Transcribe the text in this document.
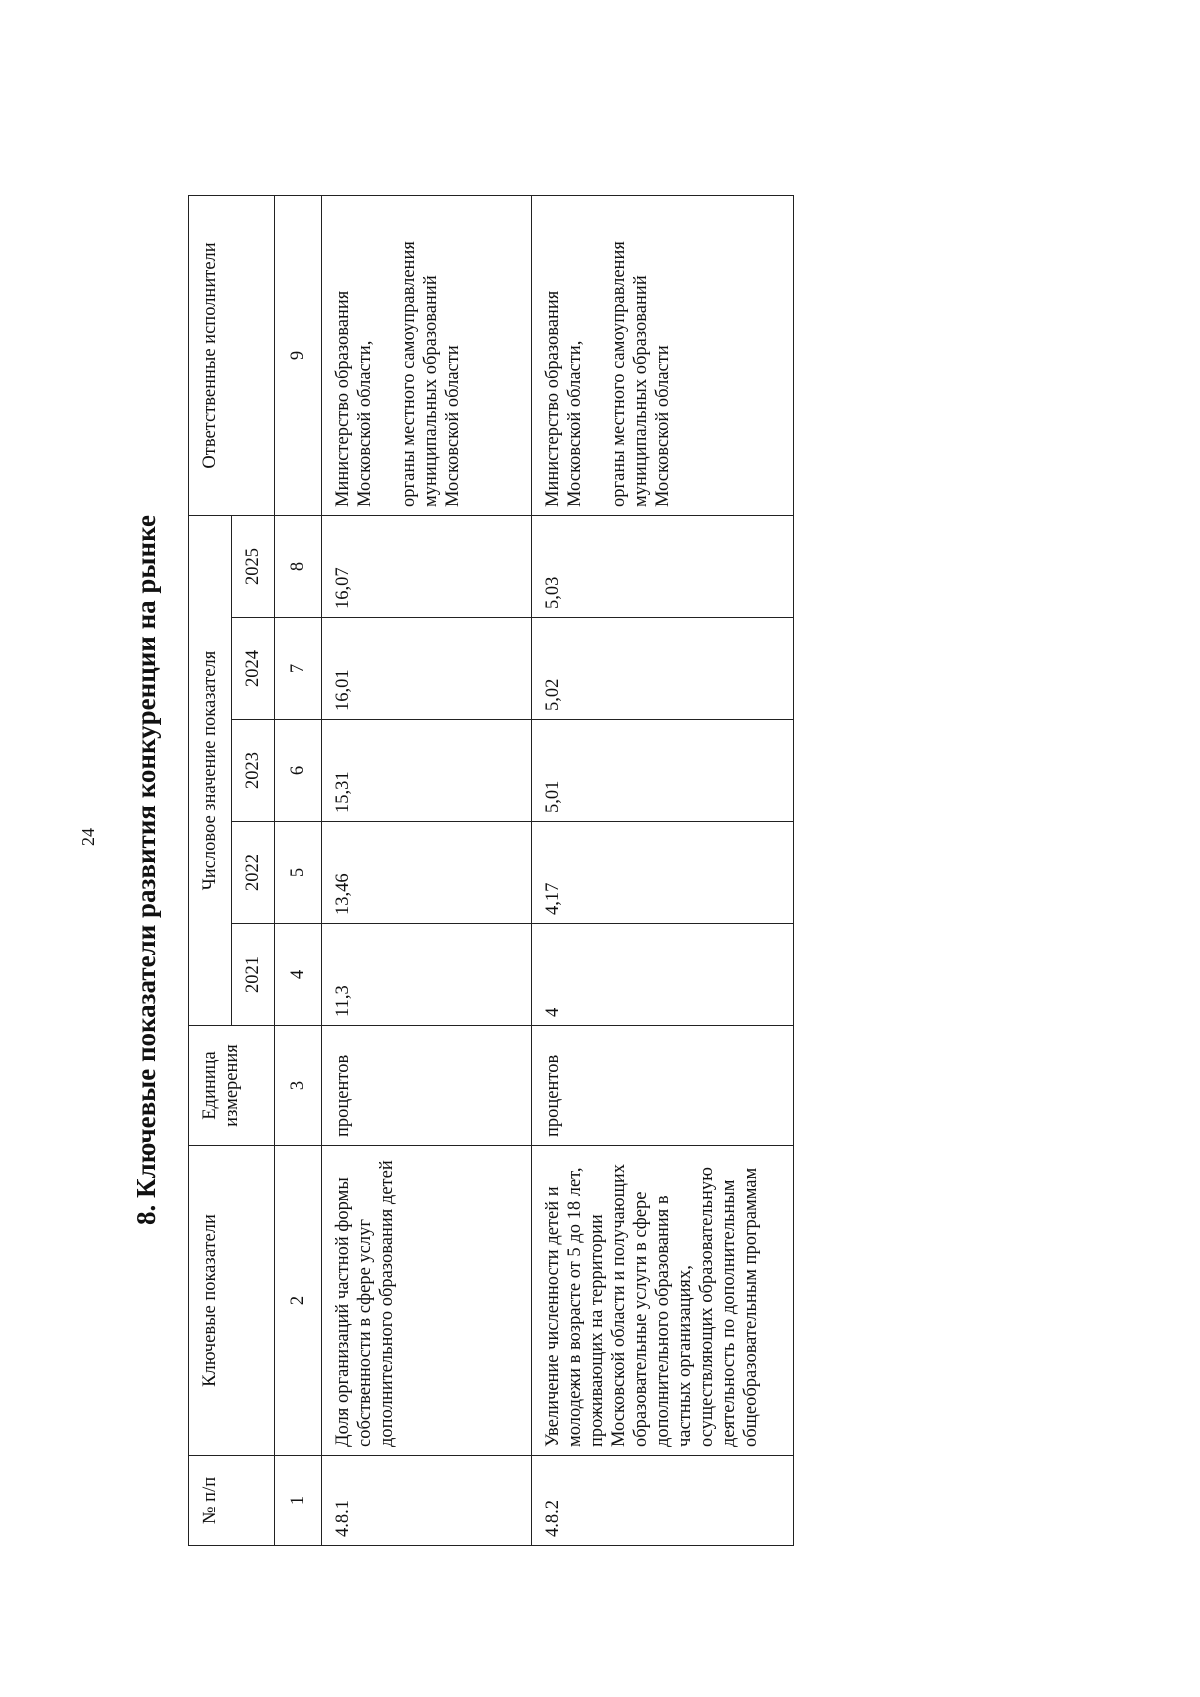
24 8. Ключевые показатели развития конкуренции на рынке
№ п/п	Ключевые показатели	Единица измерения	Числовое значение показателя					Ответственные исполнители
			2021	2022	2023	2024	2025	
1	2	3	4	5	6	7	8	9
4.8.1	Доля организаций частной формы собственности в сфере услуг дополнительного образования детей	процентов	11,3	13,46	15,31	16,01	16,07	Министерство образования Московской области, органы местного самоуправления муниципальных образований Московской области
4.8.2	Увеличение численности детей и молодежи в возрасте от 5 до 18 лет, проживающих на территории Московской области и получающих образовательные услуги в сфере дополнительного образования в частных организациях, осуществляющих образовательную деятельность по дополнительным общеобразовательным программам	процентов	4	4,17	5,01	5,02	5,03	Министерство образования Московской области, органы местного самоуправления муниципальных образований Московской области
